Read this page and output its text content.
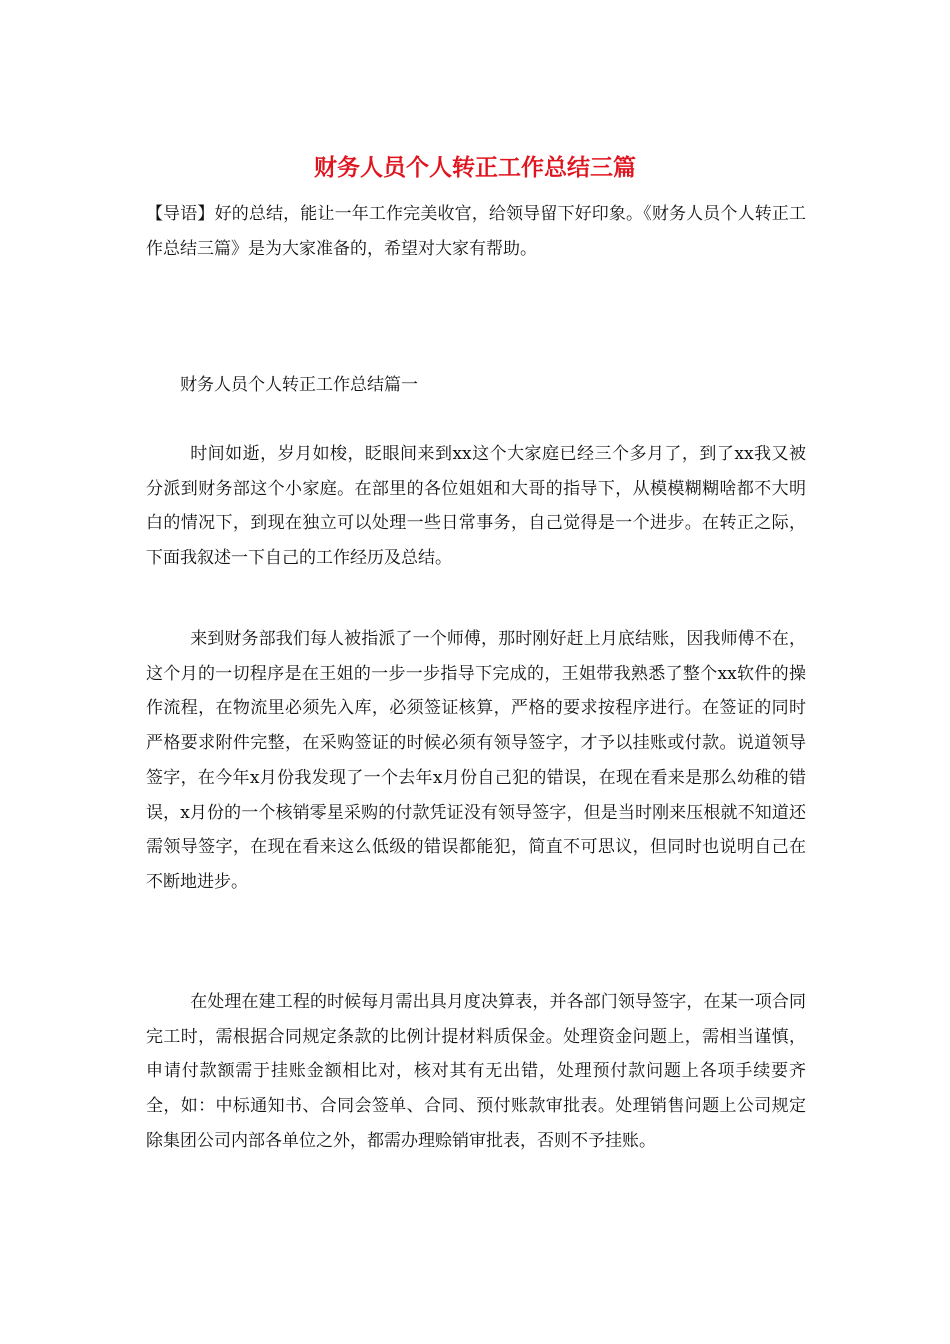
财务人员个人转正工作总结三篇

【导语】好的总结，能让一年工作完美收官，给领导留下好印象。《财务人员个人转正工作总结三篇》是为大家准备的，希望对大家有帮助。

财务人员个人转正工作总结篇一

时间如逝，岁月如梭，眨眼间来到xx这个大家庭已经三个多月了，到了xx我又被分派到财务部这个小家庭。在部里的各位姐姐和大哥的指导下，从模模糊糊啥都不大明白的情况下，到现在独立可以处理一些日常事务，自己觉得是一个进步。在转正之际，下面我叙述一下自己的工作经历及总结。

来到财务部我们每人被指派了一个师傅，那时刚好赶上月底结账，因我师傅不在，这个月的一切程序是在王姐的一步一步指导下完成的，王姐带我熟悉了整个xx软件的操作流程，在物流里必须先入库，必须签证核算，严格的要求按程序进行。在签证的同时严格要求附件完整，在采购签证的时候必须有领导签字，才予以挂账或付款。说道领导签字，在今年x月份我发现了一个去年x月份自己犯的错误，在现在看来是那么幼稚的错误，x月份的一个核销零星采购的付款凭证没有领导签字，但是当时刚来压根就不知道还需领导签字，在现在看来这么低级的错误都能犯，简直不可思议，但同时也说明自己在不断地进步。

在处理在建工程的时候每月需出具月度决算表，并各部门领导签字，在某一项合同完工时，需根据合同规定条款的比例计提材料质保金。处理资金问题上，需相当谨慎，申请付款额需于挂账金额相比对，核对其有无出错，处理预付款问题上各项手续要齐全，如：中标通知书、合同会签单、合同、预付账款审批表。处理销售问题上公司规定除集团公司内部各单位之外，都需办理赊销审批表，否则不予挂账。
